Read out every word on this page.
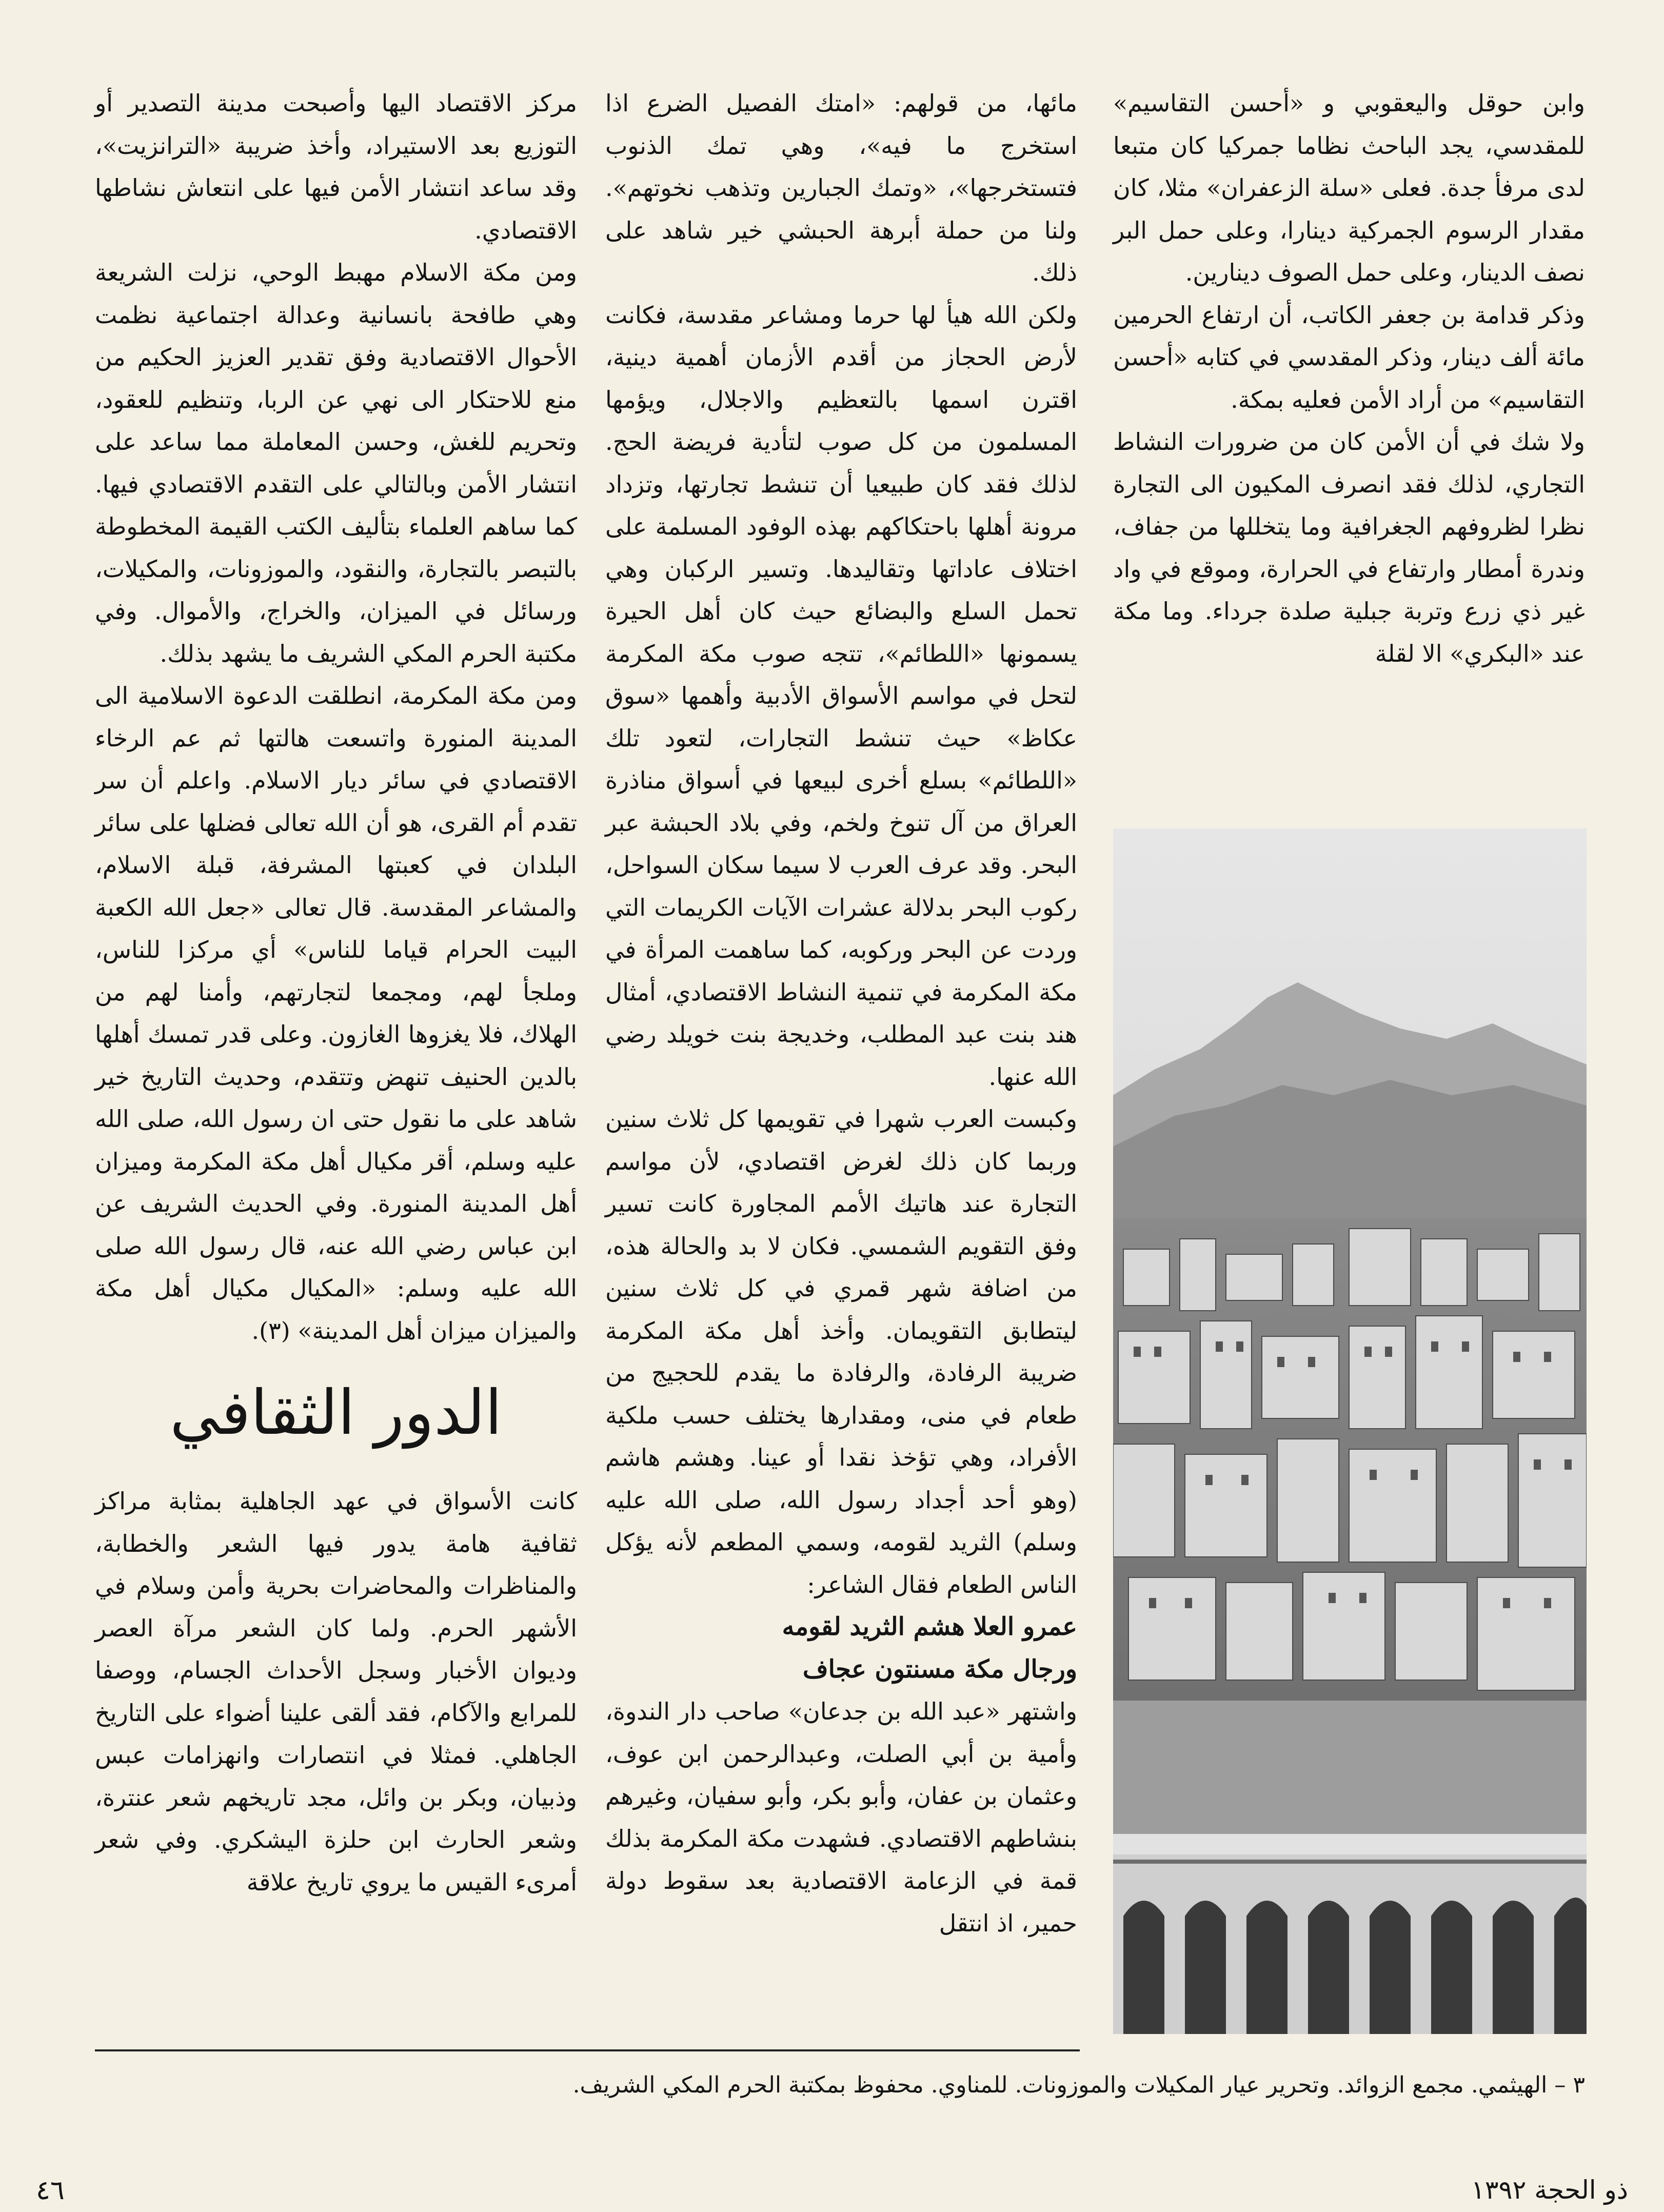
وابن حوقل واليعقوبي و «أحسن التقاسيم» للمقدسي، يجد الباحث نظاما جمركيا كان متبعا لدى مرفأ جدة. فعلى «سلة الزعفران» مثلا، كان مقدار الرسوم الجمركية دينارا، وعلى حمل البر نصف الدينار، وعلى حمل الصوف دينارين.

وذكر قدامة بن جعفر الكاتب، أن ارتفاع الحرمين مائة ألف دينار، وذكر المقدسي في كتابه «أحسن التقاسيم» من أراد الأمن فعليه بمكة.

ولا شك في أن الأمن كان من ضرورات النشاط التجاري، لذلك فقد انصرف المكيون الى التجارة نظرا لظروفهم الجغرافية وما يتخللها من جفاف، وندرة أمطار وارتفاع في الحرارة، وموقع في واد غير ذي زرع وتربة جبلية صلدة جرداء. وما مكة عند «البكري» الا لقلة

مائها، من قولهم: «امتك الفصيل الضرع اذا استخرج ما فيه»، وهي تمك الذنوب فتستخرجها»، «وتمك الجبارين وتذهب نخوتهم». ولنا من حملة أبرهة الحبشي خير شاهد على ذلك.

ولكن الله هيأ لها حرما ومشاعر مقدسة، فكانت لأرض الحجاز من أقدم الأزمان أهمية دينية، اقترن اسمها بالتعظيم والاجلال، ويؤمها المسلمون من كل صوب لتأدية فريضة الحج. لذلك فقد كان طبيعيا أن تنشط تجارتها، وتزداد مرونة أهلها باحتكاكهم بهذه الوفود المسلمة على اختلاف عاداتها وتقاليدها. وتسير الركبان وهي تحمل السلع والبضائع حيث كان أهل الحيرة يسمونها «اللطائم»، تتجه صوب مكة المكرمة لتحل في مواسم الأسواق الأدبية وأهمها «سوق عكاظ» حيث تنشط التجارات، لتعود تلك «اللطائم» بسلع أخرى لبيعها في أسواق مناذرة العراق من آل تنوخ ولخم، وفي بلاد الحبشة عبر البحر. وقد عرف العرب لا سيما سكان السواحل، ركوب البحر بدلالة عشرات الآيات الكريمات التي وردت عن البحر وركوبه، كما ساهمت المرأة في مكة المكرمة في تنمية النشاط الاقتصادي، أمثال هند بنت عبد المطلب، وخديجة بنت خويلد رضي الله عنها.

وكبست العرب شهرا في تقويمها كل ثلاث سنين وربما كان ذلك لغرض اقتصادي، لأن مواسم التجارة عند هاتيك الأمم المجاورة كانت تسير وفق التقويم الشمسي. فكان لا بد والحالة هذه، من اضافة شهر قمري في كل ثلاث سنين ليتطابق التقويمان. وأخذ أهل مكة المكرمة ضريبة الرفادة، والرفادة ما يقدم للحجيج من طعام في منى، ومقدارها يختلف حسب ملكية الأفراد، وهي تؤخذ نقدا أو عينا. وهشم هاشم (وهو أحد أجداد رسول الله، صلى الله عليه وسلم) الثريد لقومه، وسمي المطعم لأنه يؤكل الناس الطعام فقال الشاعر:

عمرو العلا هشم الثريد لقومه

ورجال مكة مسنتون عجاف

واشتهر «عبد الله بن جدعان» صاحب دار الندوة، وأمية بن أبي الصلت، وعبدالرحمن ابن عوف، وعثمان بن عفان، وأبو بكر، وأبو سفيان، وغيرهم بنشاطهم الاقتصادي. فشهدت مكة المكرمة بذلك قمة في الزعامة الاقتصادية بعد سقوط دولة حمير، اذ انتقل

مركز الاقتصاد اليها وأصبحت مدينة التصدير أو التوزيع بعد الاستيراد، وأخذ ضريبة «الترانزيت»، وقد ساعد انتشار الأمن فيها على انتعاش نشاطها الاقتصادي.

ومن مكة الاسلام مهبط الوحي، نزلت الشريعة وهي طافحة بانسانية وعدالة اجتماعية نظمت الأحوال الاقتصادية وفق تقدير العزيز الحكيم من منع للاحتكار الى نهي عن الربا، وتنظيم للعقود، وتحريم للغش، وحسن المعاملة مما ساعد على انتشار الأمن وبالتالي على التقدم الاقتصادي فيها. كما ساهم العلماء بتأليف الكتب القيمة المخطوطة بالتبصر بالتجارة، والنقود، والموزونات، والمكيلات، ورسائل في الميزان، والخراج، والأموال. وفي مكتبة الحرم المكي الشريف ما يشهد بذلك.

ومن مكة المكرمة، انطلقت الدعوة الاسلامية الى المدينة المنورة واتسعت هالتها ثم عم الرخاء الاقتصادي في سائر ديار الاسلام. واعلم أن سر تقدم أم القرى، هو أن الله تعالى فضلها على سائر البلدان في كعبتها المشرفة، قبلة الاسلام، والمشاعر المقدسة. قال تعالى «جعل الله الكعبة البيت الحرام قياما للناس» أي مركزا للناس، وملجأ لهم، ومجمعا لتجارتهم، وأمنا لهم من الهلاك، فلا يغزوها الغازون. وعلى قدر تمسك أهلها بالدين الحنيف تنهض وتتقدم، وحديث التاريخ خير شاهد على ما نقول حتى ان رسول الله، صلى الله عليه وسلم، أقر مكيال أهل مكة المكرمة وميزان أهل المدينة المنورة. وفي الحديث الشريف عن ابن عباس رضي الله عنه، قال رسول الله صلى الله عليه وسلم: «المكيال مكيال أهل مكة والميزان ميزان أهل المدينة» (٣).

الدور الثقافي

كانت الأسواق في عهد الجاهلية بمثابة مراكز ثقافية هامة يدور فيها الشعر والخطابة، والمناظرات والمحاضرات بحرية وأمن وسلام في الأشهر الحرم. ولما كان الشعر مرآة العصر وديوان الأخبار وسجل الأحداث الجسام، ووصفا للمرابع والآكام، فقد ألقى علينا أضواء على التاريخ الجاهلي. فمثلا في انتصارات وانهزامات عبس وذبيان، وبكر بن وائل، مجد تاريخهم شعر عنترة، وشعر الحارث ابن حلزة اليشكري. وفي شعر أمرىء القيس ما يروي تاريخ علاقة

٣ – الهيثمي. مجمع الزوائد. وتحرير عيار المكيلات والموزونات. للمناوي. محفوظ بمكتبة الحرم المكي الشريف.
٤٦	ذو الحجة ١٣٩٢
